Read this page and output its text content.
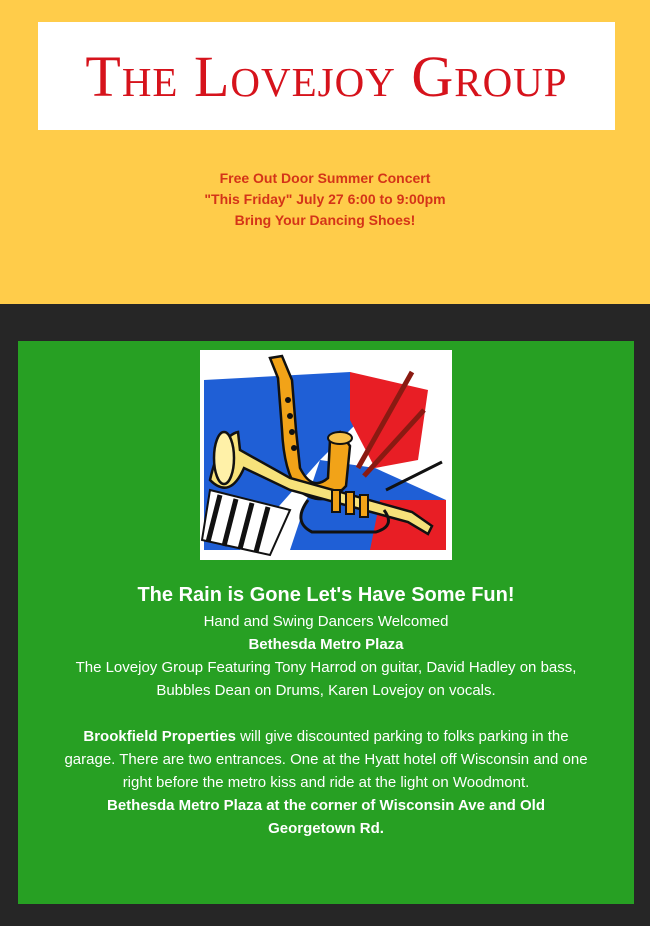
The Lovejoy Group
Free Out Door Summer Concert
"This Friday" July 27 6:00 to 9:00pm
Bring Your Dancing Shoes!
The Rain is Gone Let's Have Some Fun!
Hand and Swing Dancers Welcomed
Bethesda Metro Plaza
The Lovejoy Group Featuring Tony Harrod on guitar, David Hadley on bass,
Bubbles Dean on Drums, Karen Lovejoy on vocals.
Brookfield Properties will give discounted parking to folks parking in the
garage. There are two entrances. One at the Hyatt hotel off Wisconsin and one
right before the metro kiss and ride at the light on Woodmont.
Bethesda Metro Plaza at the corner of Wisconsin Ave and Old
Georgetown Rd.
